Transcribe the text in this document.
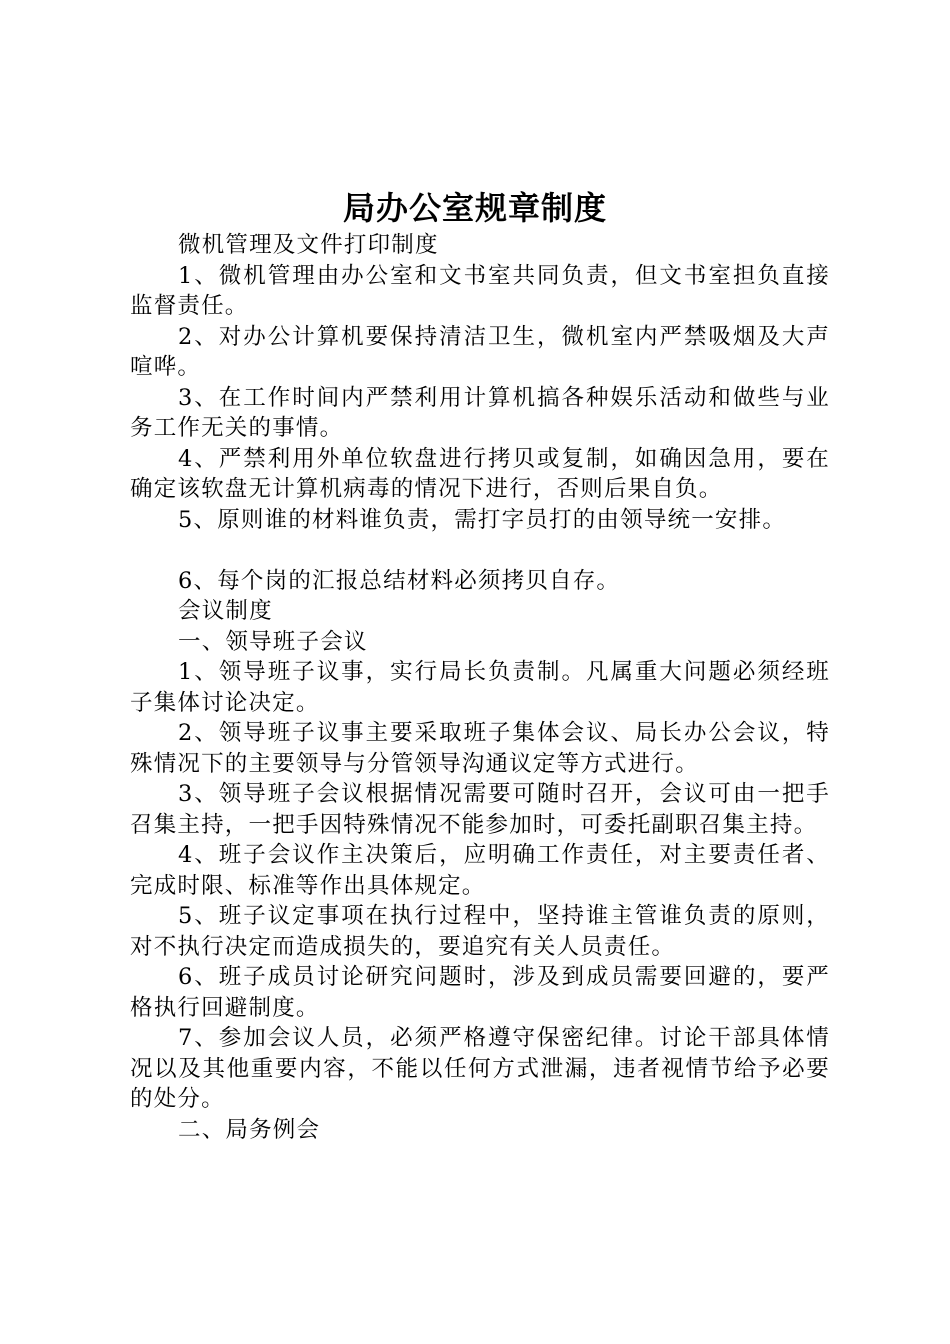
局办公室规章制度

微机管理及文件打印制度

1、微机管理由办公室和文书室共同负责，但文书室担负直接监督责任。

2、对办公计算机要保持清洁卫生，微机室内严禁吸烟及大声喧哗。

3、在工作时间内严禁利用计算机搞各种娱乐活动和做些与业务工作无关的事情。

4、严禁利用外单位软盘进行拷贝或复制，如确因急用，要在确定该软盘无计算机病毒的情况下进行，否则后果自负。

5、原则谁的材料谁负责，需打字员打的由领导统一安排。

6、每个岗的汇报总结材料必须拷贝自存。

会议制度

一、领导班子会议

1、领导班子议事，实行局长负责制。凡属重大问题必须经班子集体讨论决定。

2、领导班子议事主要采取班子集体会议、局长办公会议，特殊情况下的主要领导与分管领导沟通议定等方式进行。

3、领导班子会议根据情况需要可随时召开，会议可由一把手召集主持，一把手因特殊情况不能参加时，可委托副职召集主持。

4、班子会议作主决策后，应明确工作责任，对主要责任者、完成时限、标准等作出具体规定。

5、班子议定事项在执行过程中，坚持谁主管谁负责的原则，对不执行决定而造成损失的，要追究有关人员责任。

6、班子成员讨论研究问题时，涉及到成员需要回避的，要严格执行回避制度。

7、参加会议人员，必须严格遵守保密纪律。讨论干部具体情况以及其他重要内容，不能以任何方式泄漏，违者视情节给予必要的处分。

二、局务例会
